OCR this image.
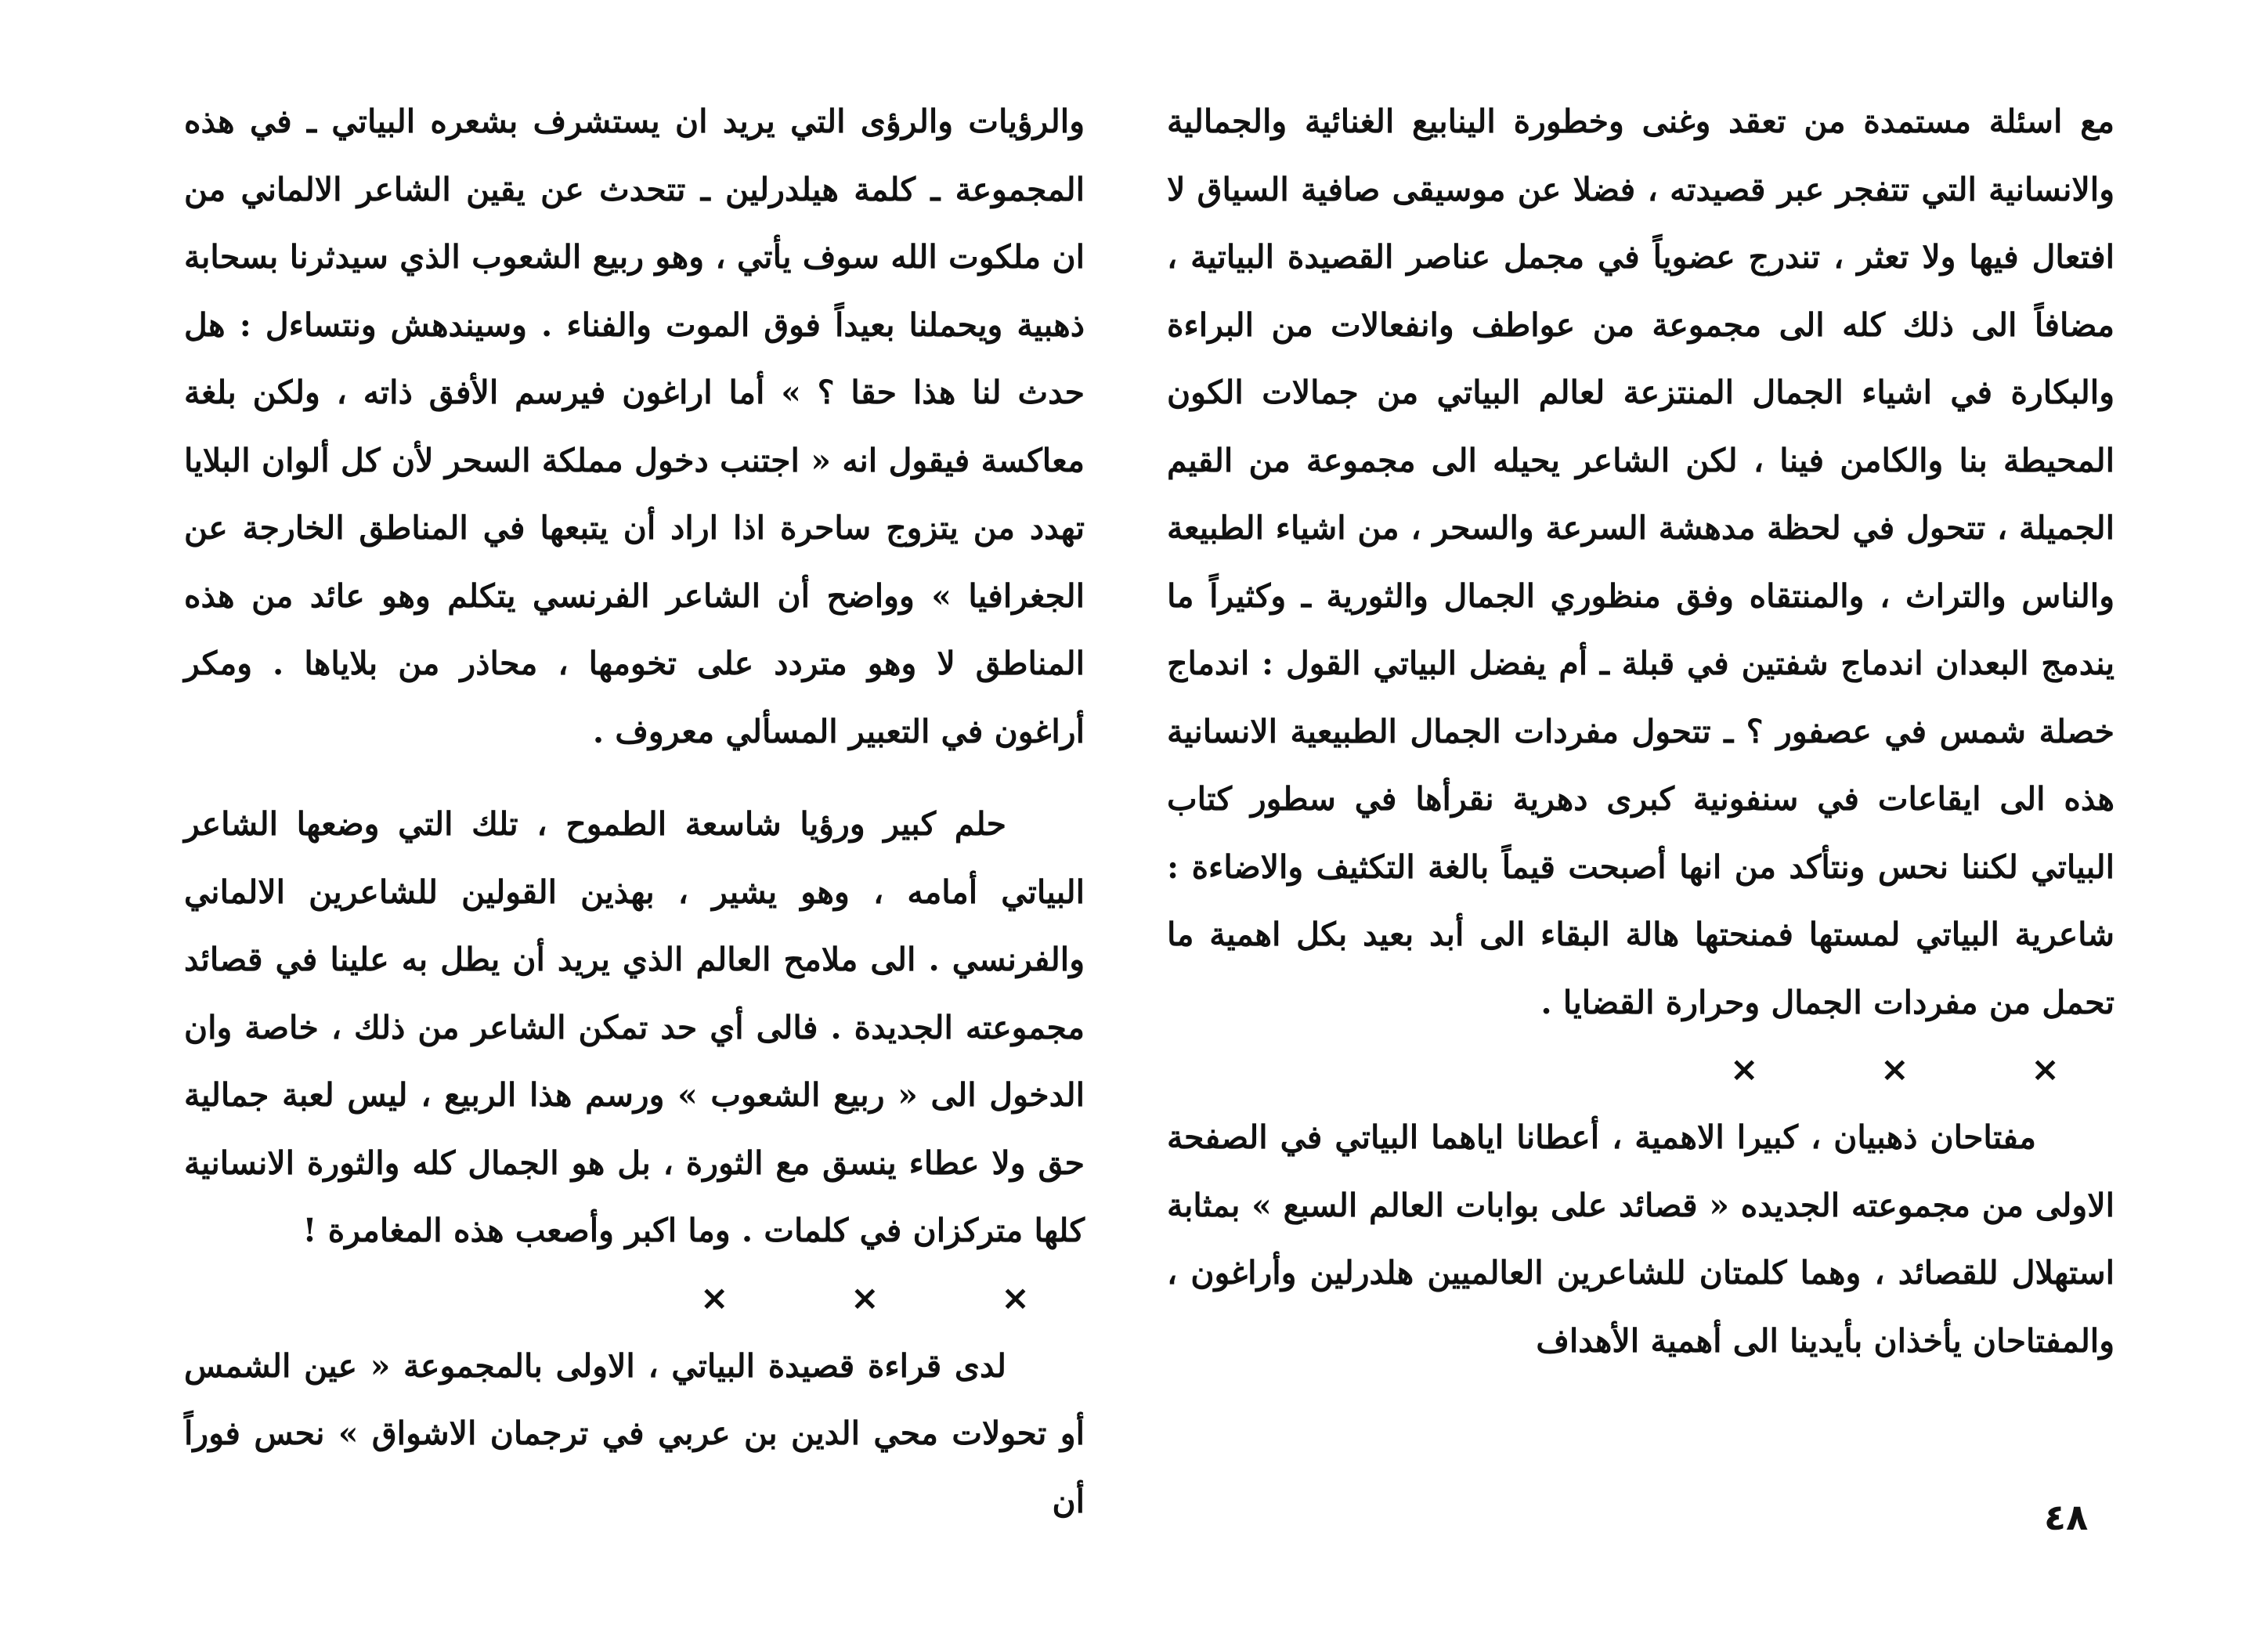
مع اسئلة مستمدة من تعقد وغنى وخطورة الينابيع الغنائية والجمالية والانسانية التي تتفجر عبر قصيدته ، فضلا عن موسيقى صافية السياق لا افتعال فيها ولا تعثر ، تندرج عضوياً في مجمل عناصر القصيدة البياتية ، مضافاً الى ذلك كله الى مجموعة من عواطف وانفعالات من البراءة والبكارة في اشياء الجمال المنتزعة لعالم البياتي من جمالات الكون المحيطة بنا والكامن فينا ، لكن الشاعر يحيله الى مجموعة من القيم الجميلة ، تتحول في لحظة مدهشة السرعة والسحر ، من اشياء الطبيعة والناس والتراث ، والمنتقاه وفق منظوري الجمال والثورية ـ وكثيراً ما يندمج البعدان اندماج شفتين في قبلة ـ أم يفضل البياتي القول : اندماج خصلة شمس في عصفور ؟ ـ تتحول مفردات الجمال الطبيعية الانسانية هذه الى ايقاعات في سنفونية كبرى دهرية نقرأها في سطور كتاب البياتي لكننا نحس ونتأكد من انها أصبحت قيماً بالغة التكثيف والاضاءة : شاعرية البياتي لمستها فمنحتها هالة البقاء الى أبد بعيد بكل اهمية ما تحمل من مفردات الجمال وحرارة القضايا .

× × ×

مفتاحان ذهبيان ، كبيرا الاهمية ، أعطانا اياهما البياتي في الصفحة الاولى من مجموعته الجديده « قصائد على بوابات العالم السبع » بمثابة استهلال للقصائد ، وهما كلمتان للشاعرين العالميين هلدرلين وأراغون ، والمفتاحان يأخذان بأيدينا الى أهمية الأهداف

والرؤيات والرؤى التي يريد ان يستشرف بشعره البياتي ـ في هذه المجموعة ـ كلمة هيلدرلين ـ تتحدث عن يقين الشاعر الالماني من ان ملكوت الله سوف يأتي ، وهو ربيع الشعوب الذي سيدثرنا بسحابة ذهبية ويحملنا بعيداً فوق الموت والفناء . وسيندهش ونتساءل : هل حدث لنا هذا حقا ؟ » أما اراغون فيرسم الأفق ذاته ، ولكن بلغة معاكسة فيقول انه « اجتنب دخول مملكة السحر لأن كل ألوان البلايا تهدد من يتزوج ساحرة اذا اراد أن يتبعها في المناطق الخارجة عن الجغرافيا » وواضح أن الشاعر الفرنسي يتكلم وهو عائد من هذه المناطق لا وهو متردد على تخومها ، محاذر من بلاياها . ومكر أراغون في التعبير المسألي معروف .

حلم كبير ورؤيا شاسعة الطموح ، تلك التي وضعها الشاعر البياتي أمامه ، وهو يشير ، بهذين القولين للشاعرين الالماني والفرنسي . الى ملامح العالم الذي يريد أن يطل به علينا في قصائد مجموعته الجديدة . فالى أي حد تمكن الشاعر من ذلك ، خاصة وان الدخول الى « ربيع الشعوب » ورسم هذا الربيع ، ليس لعبة جمالية حق ولا عطاء ينسق مع الثورة ، بل هو الجمال كله والثورة الانسانية كلها متركزان في كلمات . وما اكبر وأصعب هذه المغامرة !

× × ×

لدى قراءة قصيدة البياتي ، الاولى بالمجموعة « عين الشمس أو تحولات محي الدين بن عربي في ترجمان الاشواق » نحس فوراً أن	٤٨
